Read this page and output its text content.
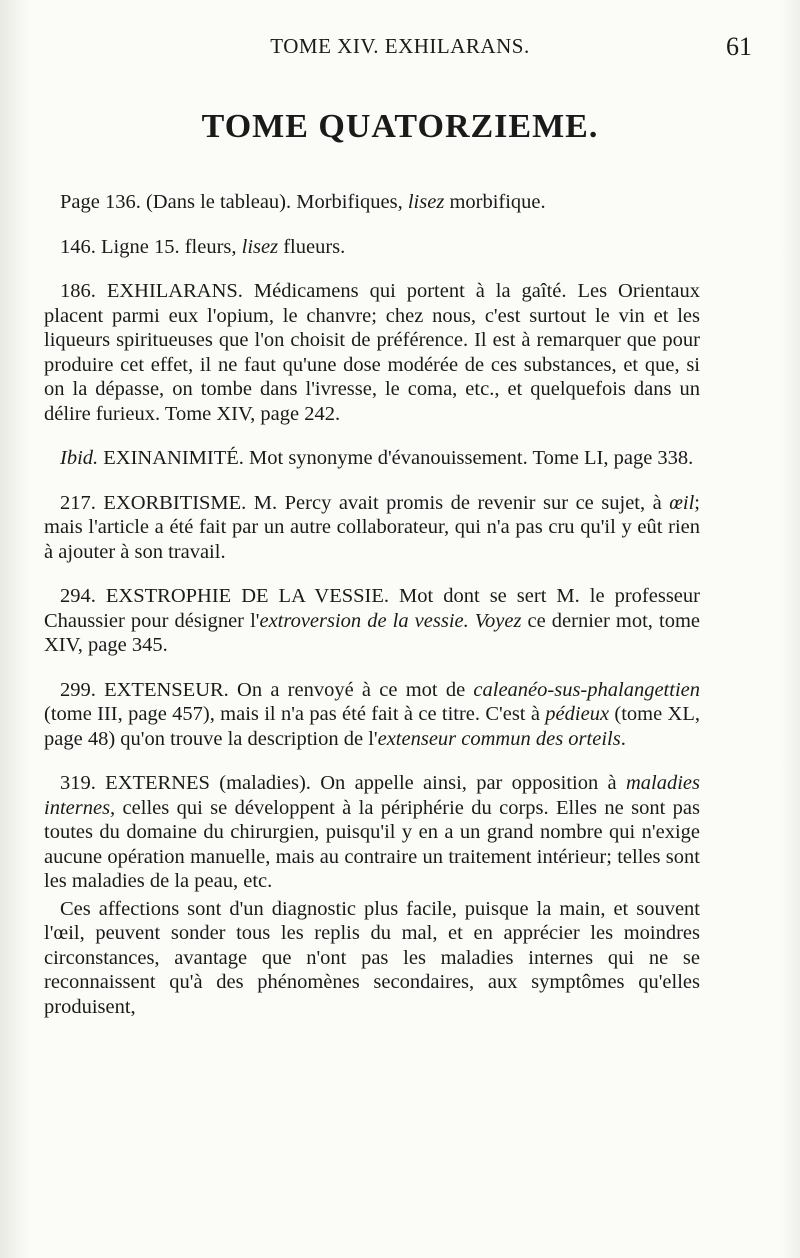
TOME XIV. EXHILARANS.	61
TOME QUATORZIEME.

Page 136. (Dans le tableau). Morbifiques, lisez morbifique.

146. Ligne 15. fleurs, lisez flueurs.

186. EXHILARANS. Médicamens qui portent à la gaîté. Les Orientaux placent parmi eux l'opium, le chanvre; chez nous, c'est surtout le vin et les liqueurs spiritueuses que l'on choisit de préférence. Il est à remarquer que pour produire cet effet, il ne faut qu'une dose modérée de ces substances, et que, si on la dépasse, on tombe dans l'ivresse, le coma, etc., et quelquefois dans un délire furieux. Tome XIV, page 242.

Ibid. EXINANIMITÉ. Mot synonyme d'évanouissement. Tome LI, page 338.

217. EXORBITISME. M. Percy avait promis de revenir sur ce sujet, à œil; mais l'article a été fait par un autre collaborateur, qui n'a pas cru qu'il y eût rien à ajouter à son travail.

294. EXSTROPHIE DE LA VESSIE. Mot dont se sert M. le professeur Chaussier pour désigner l'extroversion de la vessie. Voyez ce dernier mot, tome XIV, page 345.

299. EXTENSEUR. On a renvoyé à ce mot de caleanéo-sus-phalangettien (tome III, page 457), mais il n'a pas été fait à ce titre. C'est à pédieux (tome XL, page 48) qu'on trouve la description de l'extenseur commun des orteils.

319. EXTERNES (maladies). On appelle ainsi, par opposition à maladies internes, celles qui se développent à la périphérie du corps. Elles ne sont pas toutes du domaine du chirurgien, puisqu'il y en a un grand nombre qui n'exige aucune opération manuelle, mais au contraire un traitement intérieur; telles sont les maladies de la peau, etc.

Ces affections sont d'un diagnostic plus facile, puisque la main, et souvent l'œil, peuvent sonder tous les replis du mal, et en apprécier les moindres circonstances, avantage que n'ont pas les maladies internes qui ne se reconnaissent qu'à des phénomènes secondaires, aux symptômes qu'elles produisent,
